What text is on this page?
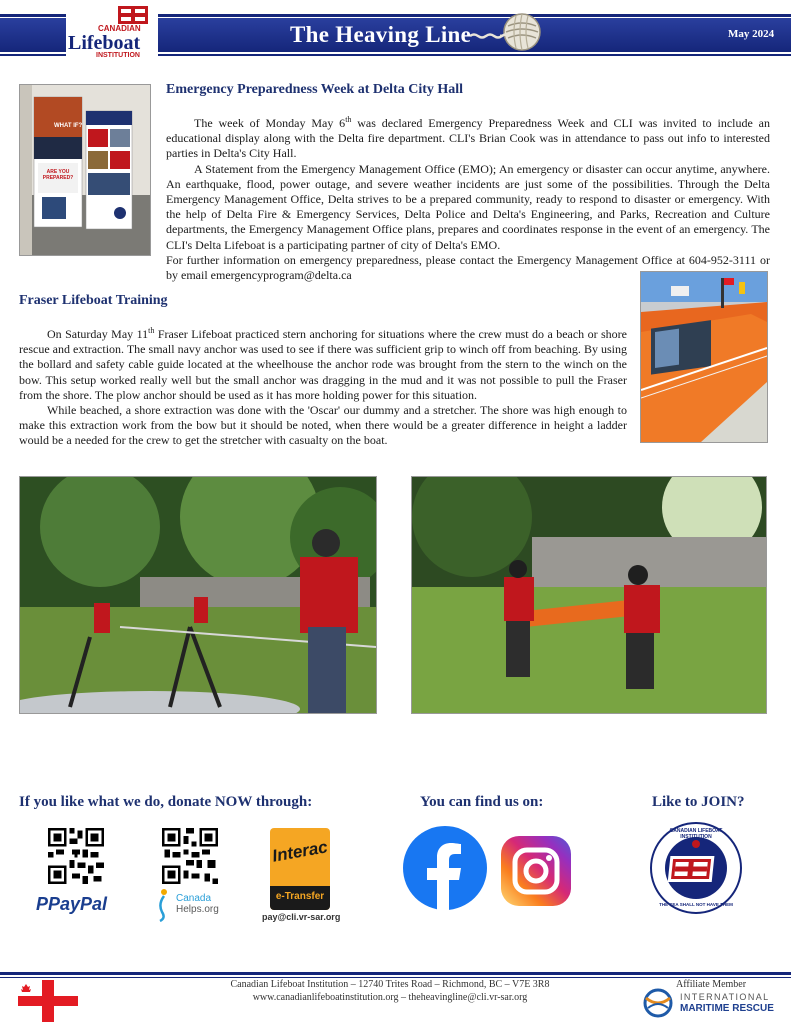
CANADIAN
Lifeboat
INSTITUTION
The Heaving Line	May 2024
WHAT IF?
ARE YOU PREPARED?
Emergency Preparedness Week at Delta City Hall

The week of Monday May 6th was declared Emergency Preparedness Week and CLI was invited to include an educational display along with the Delta fire department. CLI's Brian Cook was in attendance to pass out info to interested parties in Delta's City Hall.

A Statement from the Emergency Management Office (EMO); An emergency or disaster can occur anytime, anywhere. An earthquake, flood, power outage, and severe weather incidents are just some of the possibilities. Through the Delta Emergency Management Office, Delta strives to be a prepared community, ready to respond to disaster or emergency. With the help of Delta Fire & Emergency Services, Delta Police and Delta's Engineering, and Parks, Recreation and Culture departments, the Emergency Management Office plans, prepares and coordinates response in the event of an emergency. The CLI's Delta Lifeboat is a participating partner of city of Delta's EMO.

For further information on emergency preparedness, please contact the Emergency Management Office at 604-952-3111 or by email emergencyprogram@delta.ca

Fraser Lifeboat Training

On Saturday May 11th Fraser Lifeboat practiced stern anchoring for situations where the crew must do a beach or shore rescue and extraction. The small navy anchor was used to see if there was sufficient grip to winch off from beaching. By using the bollard and safety cable guide located at the wheelhouse the anchor rode was brought from the stern to the winch on the bow. This setup worked really well but the small anchor was dragging in the mud and it was not possible to pull the Fraser from the shore. The plow anchor should be used as it has more holding power for this situation.

While beached, a shore extraction was done with the 'Oscar' our dummy and a stretcher. The shore was high enough to make this extraction work from the bow but it should be noted, when there would be a greater difference in height a ladder would be a needed for the crew to get the stretcher with casualty on the boat.

If you like what we do, donate NOW through:	You can find us on:	Like to JOIN?
PPayPal	Canada
Helps.org
Interac
e-Transfer
pay@cli.vr-sar.org
CANADIAN LIFEBOAT INSTITUTION
THE SEA SHALL NOT HAVE THEM
Canadian Lifeboat Institution – 12740 Trites Road – Richmond, BC – V7E 3R8
www.canadianlifeboatinstitution.org – theheavingline@cli.vr-sar.org
Affiliate Member
INTERNATIONAL
MARITIME RESCUE
